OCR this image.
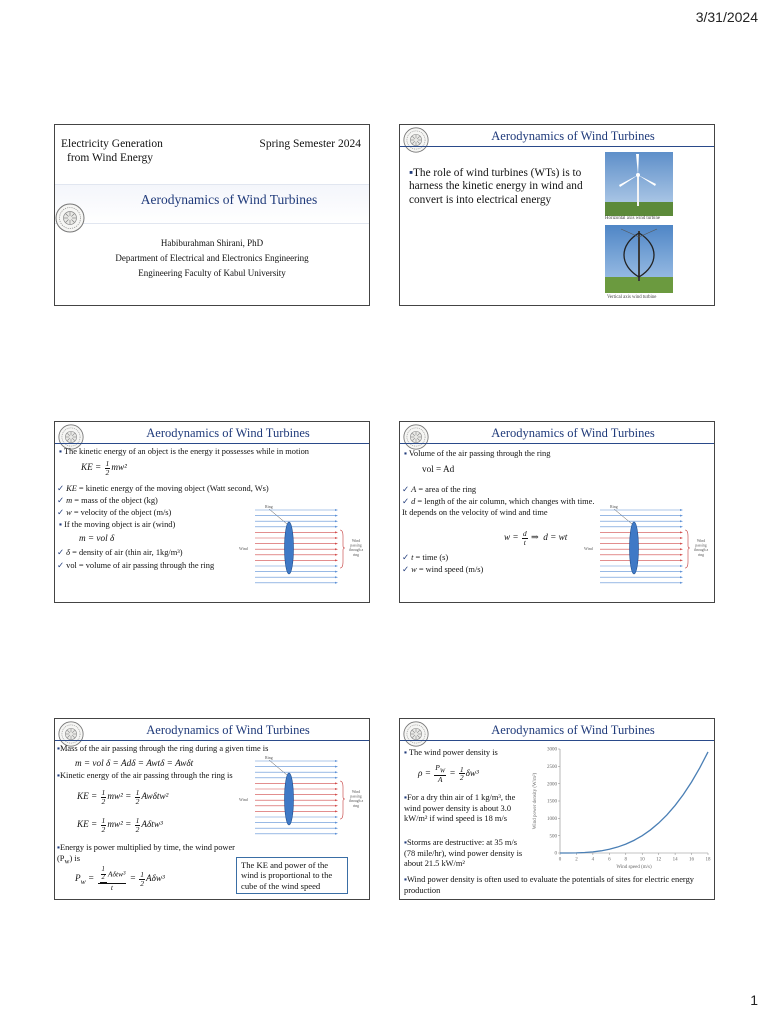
3/31/2024
1
Electricity Generation
from Wind Energy
Spring Semester 2024
Aerodynamics of Wind Turbines
Habiburahman Shirani, PhD
Department of Electrical and Electronics Engineering
Engineering Faculty of Kabul University
Aerodynamics of Wind Turbines
▪The role of wind turbines (WTs) is to harness the kinetic energy in wind and convert is into electrical energy
Horizontal axis wind turbine
Vertical axis wind turbine
Aerodynamics of Wind Turbines
▪ The kinetic energy of an object is the energy it possesses while in motion
KE = $\frac{1}{2} mw^2$
✓ KE = kinetic energy of the moving object (Watt second, Ws)
✓ m = mass of the object (kg)
✓ w = velocity of the object (m/s)
▪ If the moving object is air (wind)
m = vol δ
✓ δ = density of air (thin air, 1kg/m³)
✓ vol = volume of air passing through the ring
Ring
Wind
Wind
passing
through a
ring
Aerodynamics of Wind Turbines
▪ Volume of the air passing through the ring
vol = Ad
✓ A = area of the ring
✓ d = length of the air column, which changes with time. It depends on the velocity of wind and time
$w = \frac{d}{t}$ ⇒  d = wt
✓ t = time (s)
✓ w = wind speed (m/s)
Ring
Wind
Wind
passing
through a
ring
Aerodynamics of Wind Turbines
▪Mass of the air passing through the ring during a given time is
m = vol δ = Adδ = Awtδ = Awδt
▪Kinetic energy of the air passing through the ring is
KE = $\frac{1}{2} mw^2 = \frac{1}{2} Aw\delta tw^2$
KE = $\frac{1}{2} mw^2 = \frac{1}{2} A\delta tw^3$
▪Energy is power multiplied by time, the wind power $(P_w)$ is
$P_w = \frac{\frac{1}{2} A\delta tw^3}{t} = \frac{1}{2} A\delta w^3$
Ring
Wind
Wind
passing
through a
ring
The KE and power of the wind is proportional to the cube of the wind speed
Aerodynamics of Wind Turbines
▪ The wind power density is
$\rho = \frac{P_W}{A} = \frac{1}{2} \delta w^3$
▪For a dry thin air of 1 kg/m³, the wind power density is about 3.0 kW/m² if wind speed is 18 m/s
▪Storms are destructive: at 35 m/s (78 mile/hr), wind power density is about 21.5 kW/m²
▪Wind power density is often used to evaluate the potentials of sites for electric energy production
0
500
1000
1500
2000
2500
3000
0	2	4	6	8	10 12 14 16 18
Wind speed (m/s)
Wind power density (W/m²)
